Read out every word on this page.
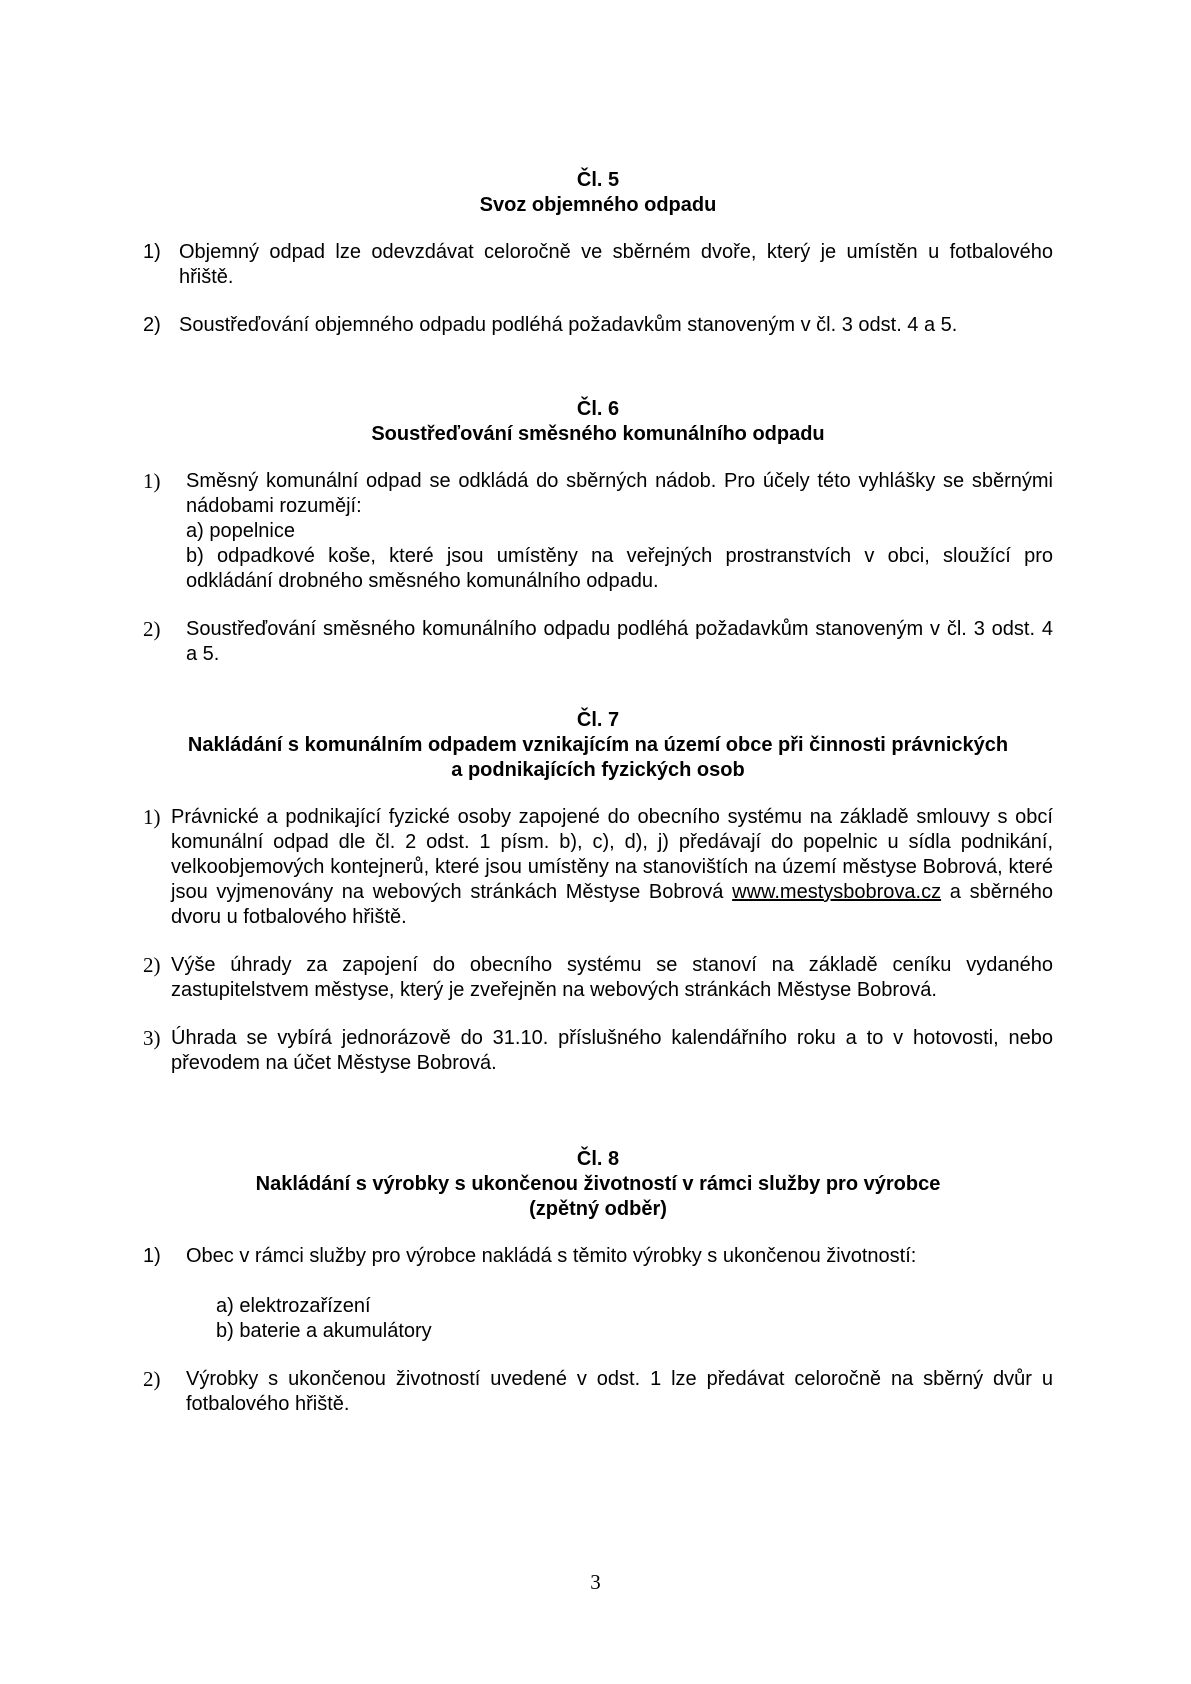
Čl. 5

Svoz objemného odpadu

1) Objemný odpad lze odevzdávat celoročně ve sběrném dvoře, který je umístěn u fotbalového hřiště.
2) Soustřeďování objemného odpadu podléhá požadavkům stanoveným v čl. 3 odst. 4 a 5.

Čl. 6

Soustřeďování směsného komunálního odpadu

1) Směsný komunální odpad se odkládá do sběrných nádob. Pro účely této vyhlášky se sběrnými nádobami rozumějí:
a) popelnice
b) odpadkové koše, které jsou umístěny na veřejných prostranstvích v obci, sloužící pro odkládání drobného směsného komunálního odpadu.
2) Soustřeďování směsného komunálního odpadu podléhá požadavkům stanoveným v čl. 3 odst. 4 a 5.

Čl. 7

Nakládání s komunálním odpadem vznikajícím na území obce při činnosti právnických

a podnikajících fyzických osob

1) Právnické a podnikající fyzické osoby zapojené do obecního systému na základě smlouvy s obcí komunální odpad dle čl. 2 odst. 1 písm. b), c), d), j) předávají do popelnic u sídla podnikání, velkoobjemových kontejnerů, které jsou umístěny na stanovištích na území městyse Bobrová, které jsou vyjmenovány na webových stránkách Městyse Bobrová www.mestysbobrova.cz a sběrného dvoru u fotbalového hřiště.
2) Výše úhrady za zapojení do obecního systému se stanoví na základě ceníku vydaného zastupitelstvem městyse, který je zveřejněn na webových stránkách Městyse Bobrová.
3) Úhrada se vybírá jednorázově do 31.10. příslušného kalendářního roku a to v hotovosti, nebo převodem na účet Městyse Bobrová.

Čl. 8

Nakládání s výrobky s ukončenou životností v rámci služby pro výrobce

(zpětný odběr)

1) Obec v rámci služby pro výrobce nakládá s těmito výrobky s ukončenou životností:
a) elektrozařízení
b) baterie a akumulátory
2) Výrobky s ukončenou životností uvedené v odst. 1 lze předávat celoročně na sběrný dvůr u fotbalového hřiště.
3
